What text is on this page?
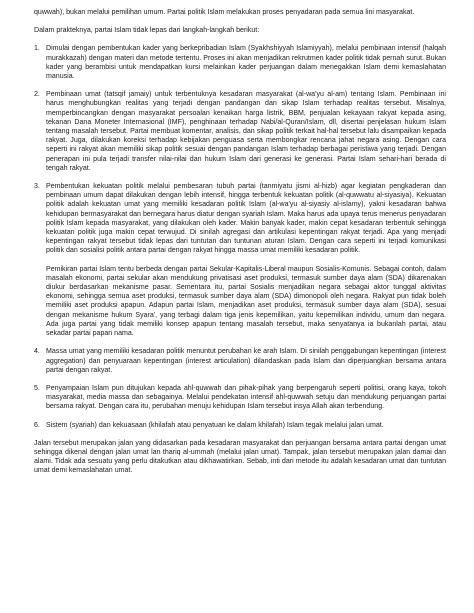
quwwah), bukan melalui pemilihan umum. Partai politik Islam melakukan proses penyadaran pada semua lini masyarakat.

Dalam prakteknya, partai Islam tidak lepas dari langkah-langkah berikut:

1. Dimulai dengan pembentukan kader yang berkepribadian Islam (Syakhshiyyah Islamiyyah), melalui pembinaan intensif (halqah murakkazah) dengan materi dan metode tertentu. Proses ini akan menjadikan rekrutmen kader politik tidak pernah surut. Bukan kader yang berambisi untuk mendapatkan kursi melainkan kader perjuangan dalam menegakkan Islam demi kemaslahatan manusia.

2. Pembinaan umat (tatsqif jamaiy) untuk terbentuknya kesadaran masyarakat (al-wa'yu al-am) tentang Islam. Pembinaan ini harus menghubungkan realitas yang terjadi dengan pandangan dan sikap Islam terhadap realitas tersebut. Misalnya, memperbincangkan dengan masyarakat persoalan kenaikan harga listrik, BBM, penjualan kekayaan rakyat kepada asing, tekanan Dana Moneter Internasional (IMF), penghinaan terhadap Nabi/al-Quran/Islam, dll, disertai penjelasan hukum Islam tentang masalah tersebut. Partai membuat komentar, analisis, dan sikap politik terkait hal-hal tersebut lalu disampaikan kepada rakyat. Juga, dilakukan koreksi terhadap kebijakan penguasa serta membongkar rencana jahat negara asing. Dengan cara seperti ini rakyat akan memiliki sikap politik sesuai dengan pandangan Islam terhadap berbagai peristiwa yang terjadi. Dengan penerapan ini pula terjadi transfer nilai-nilai dan hukum Islam dari generasi ke generasi. Partai Islam sehari-hari berada di tengah rakyat.

3. Pembentukan kekuatan politik melalui pembesaran tubuh partai (tanmiyatu jismi al-hizb) agar kegiatan pengkaderan dan pembinaan umum dapat dilakukan dengan lebih intensif, hingga terbentuk kekuatan politik (al-quwwatu al-siyasiya). Kekuatan politik adalah kekuatan umat yang memiliki kesadaran politik Islam (al-wa'yu al-siyasiy al-islamy), yakni kesadaran bahwa kehidupan bermasyarakat dan bernegara harus diatur dengan syariah Islam. Maka harus ada upaya terus menerus penyadaran politik Islam kepada masyarakat, yang dilakukan oleh kader. Makin banyak kader, makin cepat kesadaran terbentuk sehingga kekuatan politik juga makin cepat terwujud. Di sinilah agregasi dan artikulasi kepentingan rakyat terjadi. Apa yang menjadi kepentingan rakyat tersebut tidak lepas dari tuntutan dan tuntunan aturan Islam. Dengan cara seperti ini terjadi komunikasi politik dan sosialisi politik antara partai dengan rakyat hingga massa umat memiliki kesadaran politik.

Pemikiran partai Islam tentu berbeda dengan partai Sekular-Kapitalis-Liberal maupun Sosialis-Komunis. Sebagai contoh, dalam masalah ekonomi, partai sekular akan mendukung privatisasi aset produksi, termasuk sumber daya alam (SDA) dikarenakan diukur berdasarkan mekanisme pasar. Sementara itu, partai Sosialis menjadikan negara sebagai aktor tunggal aktivitas ekonomi, sehingga semua aset produksi, termasuk sumber daya alam (SDA) dimonopoli oleh negara. Rakyat pun tidak boleh memiliki aset produksi apapun. Adapun partai Islam, menjadikan aset produksi, termasuk sumber daya alam (SDA), sesuai dengan mekanisme hukum Syara', yang terbagi dalam tiga jenis kepemilikan, yaitu kepemilikan individu, umum dan negara. Ada juga partai yang tidak memiliki konsep apapun tentang masalah tersebut, maka senyatanya ia bukanlah partai, atau sekadar partai papan nama.

4. Massa umat yang memiliki kesadaran politik menuntut perubahan ke arah Islam. Di sinilah penggabungan kepentingan (interest aggregation) dan penyuaraan kepentingan (interest articulation) dilandaskan pada Islam dan diperjuangkan bersama antara partai dengan rakyat.

5. Penyampaian Islam pun ditujukan kepada ahl-quwwah dan pihak-pihak yang berpengaruh seperti politisi, orang kaya, tokoh masyarakat, media massa dan sebagainya. Melalui pendekatan intensif ahl-quwwah setuju dan mendukung perjuangan partai bersama rakyat. Dengan cara itu, perubahan menuju kehidupan Islam tersebut insya Allah akan terbendung.

6. Sistem (syariah) dan kekuasaan (khilafah atau penyatuan ke dalam khilafah) Islam tegak melalui jalan umat.

Jalan tersebut merupakan jalan yang didasarkan pada kesadaran masyarakat dan perjuangan bersama antara partai dengan umat sehingga dikenal dengan jalan umat lan thariq al-ummah (melalui jalan umat). Tampak, jalan tersebut merupakan jalan damai dan alami. Tidak ada sesuatu yang perlu ditakutkan atau dikhawatirkan. Sebab, inti dari metode itu adalah kesadaran umat dan tuntutan umat demi kemaslahatan umat.
